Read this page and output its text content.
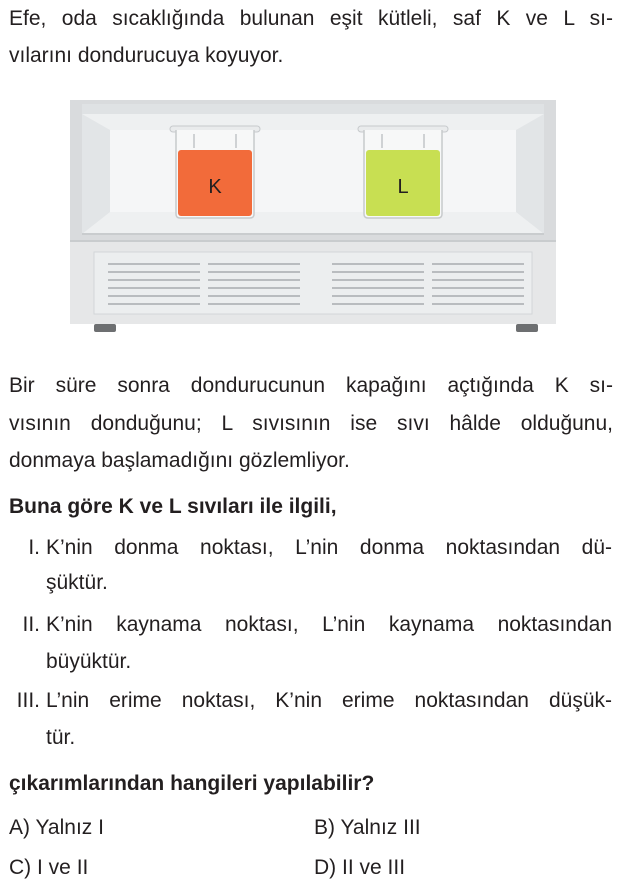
Efe, oda sıcaklığında bulunan eşit kütleli, saf K ve L sı-

vılarını dondurucuya koyuyor.

K	L

Bir süre sonra dondurucunun kapağını açtığında K sı-

vısının donduğunu; L sıvısının ise sıvı hâlde olduğunu,

donmaya başlamadığını gözlemliyor.

Buna göre K ve L sıvıları ile ilgili,

I. K’nin donma noktası, L’nin donma noktasından dü-
şüktür.
II. K’nin kaynama noktası, L’nin kaynama noktasından
büyüktür.
III. L’nin erime noktası, K’nin erime noktasından düşük-
tür.

çıkarımlarından hangileri yapılabilir?

A) Yalnız I	B) Yalnız III
C) I ve II	D) II ve III
